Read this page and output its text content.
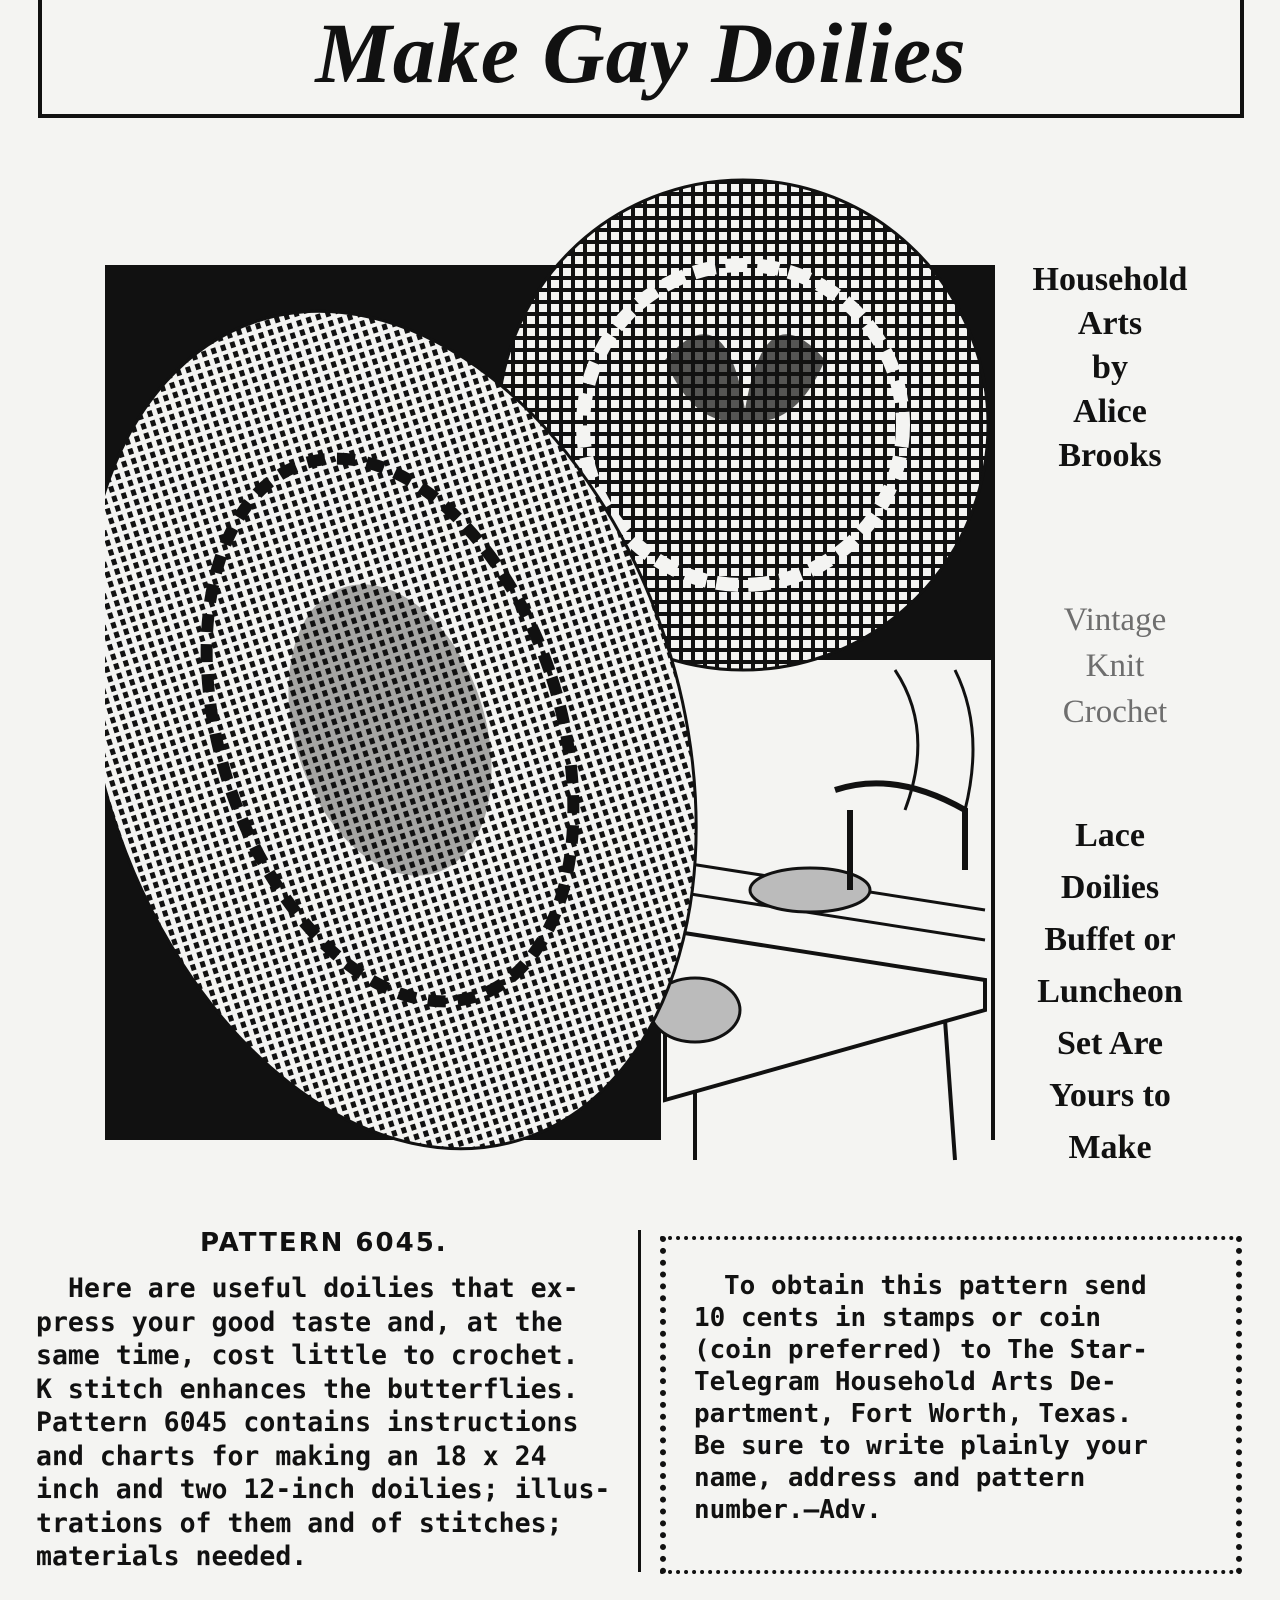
Make Gay Doilies
Household
Arts
by
Alice
Brooks
Vintage
Knit
Crochet
Lace
Doilies
Buffet or
Luncheon
Set Are
Yours to
Make
PATTERN 6045.
Here are useful doilies that ex-
press your good taste and, at the
same time, cost little to crochet.
K stitch enhances the butterflies.
Pattern 6045 contains instructions
and charts for making an 18 x 24
inch and two 12-inch doilies; illus-
trations of them and of stitches;
materials needed.
To obtain this pattern send
10 cents in stamps or coin
(coin preferred) to The Star-
Telegram Household Arts De-
partment, Fort Worth, Texas.
Be sure to write plainly your
name, address and pattern
number.—Adv.
